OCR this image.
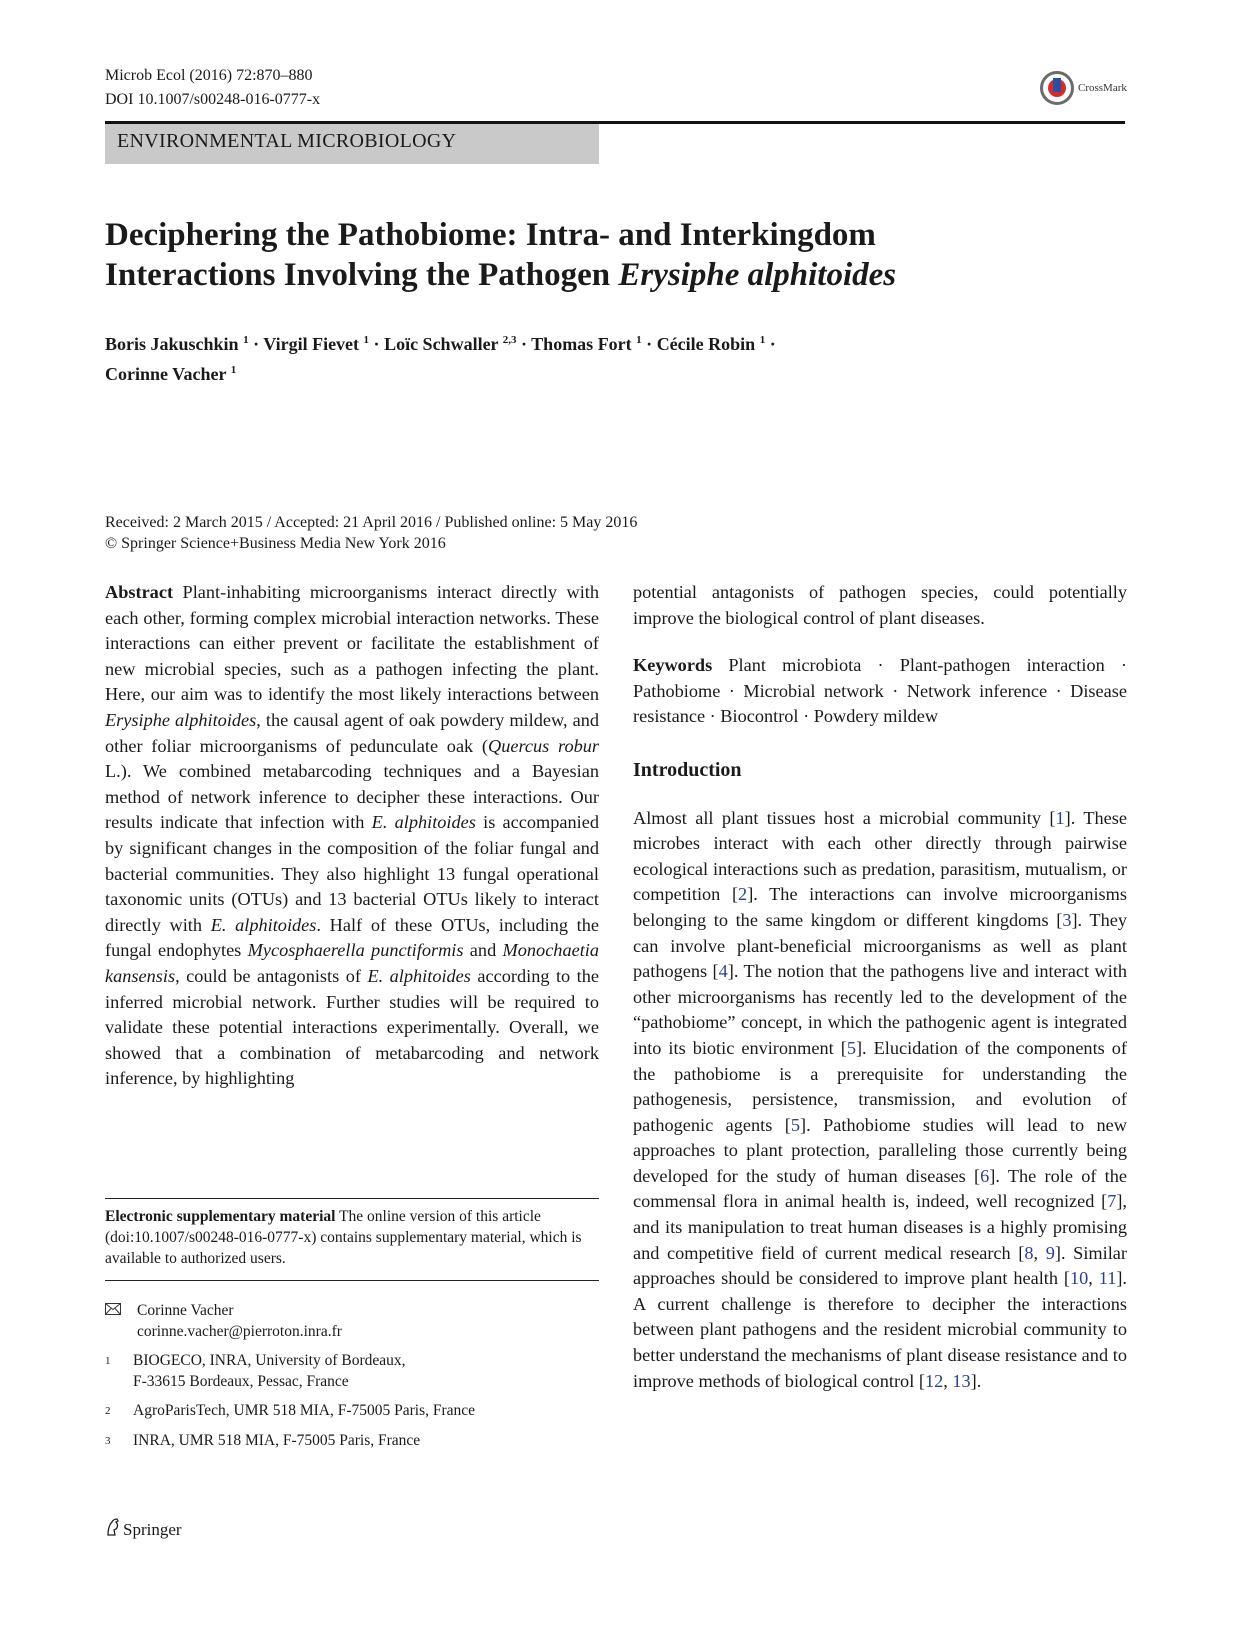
Microb Ecol (2016) 72:870–880
DOI 10.1007/s00248-016-0777-x
CrossMark
ENVIRONMENTAL MICROBIOLOGY
Deciphering the Pathobiome: Intra- and Interkingdom
Interactions Involving the Pathogen Erysiphe alphitoides
Boris Jakuschkin $^1$ · Virgil Fievet $^1$ · Loïc Schwaller $^{2,3}$ · Thomas Fort $^1$ · Cécile Robin $^1$ ·
Corinne Vacher $^1$
Received: 2 March 2015 / Accepted: 21 April 2016 / Published online: 5 May 2016
© Springer Science+Business Media New York 2016
Abstract Plant-inhabiting microorganisms interact directly with each other, forming complex microbial interaction networks. These interactions can either prevent or facilitate the establishment of new microbial species, such as a pathogen infecting the plant. Here, our aim was to identify the most likely interactions between Erysiphe alphitoides, the causal agent of oak powdery mildew, and other foliar microorganisms of pedunculate oak (Quercus robur L.). We combined metabarcoding techniques and a Bayesian method of network inference to decipher these interactions. Our results indicate that infection with E. alphitoides is accompanied by significant changes in the composition of the foliar fungal and bacterial communities. They also highlight 13 fungal operational taxonomic units (OTUs) and 13 bacterial OTUs likely to interact directly with E. alphitoides. Half of these OTUs, including the fungal endophytes Mycosphaerella punctiformis and Monochaetia kansensis, could be antagonists of E. alphitoides according to the inferred microbial network. Further studies will be required to validate these potential interactions experimentally. Overall, we showed that a combination of metabarcoding and network inference, by highlighting
potential antagonists of pathogen species, could potentially improve the biological control of plant diseases.
Keywords Plant microbiota · Plant-pathogen interaction · Pathobiome · Microbial network · Network inference · Disease resistance · Biocontrol · Powdery mildew
Introduction
Almost all plant tissues host a microbial community [1]. These microbes interact with each other directly through pairwise ecological interactions such as predation, parasitism, mutualism, or competition [2]. The interactions can involve microorganisms belonging to the same kingdom or different kingdoms [3]. They can involve plant-beneficial microorganisms as well as plant pathogens [4]. The notion that the pathogens live and interact with other microorganisms has recently led to the development of the “pathobiome” concept, in which the pathogenic agent is integrated into its biotic environment [5]. Elucidation of the components of the pathobiome is a prerequisite for understanding the pathogenesis, persistence, transmission, and evolution of pathogenic agents [5]. Pathobiome studies will lead to new approaches to plant protection, paralleling those currently being developed for the study of human diseases [6]. The role of the commensal flora in animal health is, indeed, well recognized [7], and its manipulation to treat human diseases is a highly promising and competitive field of current medical research [8, 9]. Similar approaches should be considered to improve plant health [10, 11]. A current challenge is therefore to decipher the interactions between plant pathogens and the resident microbial community to better understand the mechanisms of plant disease resistance and to improve methods of biological control [12, 13].
Electronic supplementary material The online version of this article (doi:10.1007/s00248-016-0777-x) contains supplementary material, which is available to authorized users.
Corinne Vacher
corinne.vacher@pierroton.inra.fr
1	BIOGECO, INRA, University of Bordeaux,
F-33615 Bordeaux, Pessac, France
2	AgroParisTech, UMR 518 MIA, F-75005 Paris, France
3	INRA, UMR 518 MIA, F-75005 Paris, France
Springer
